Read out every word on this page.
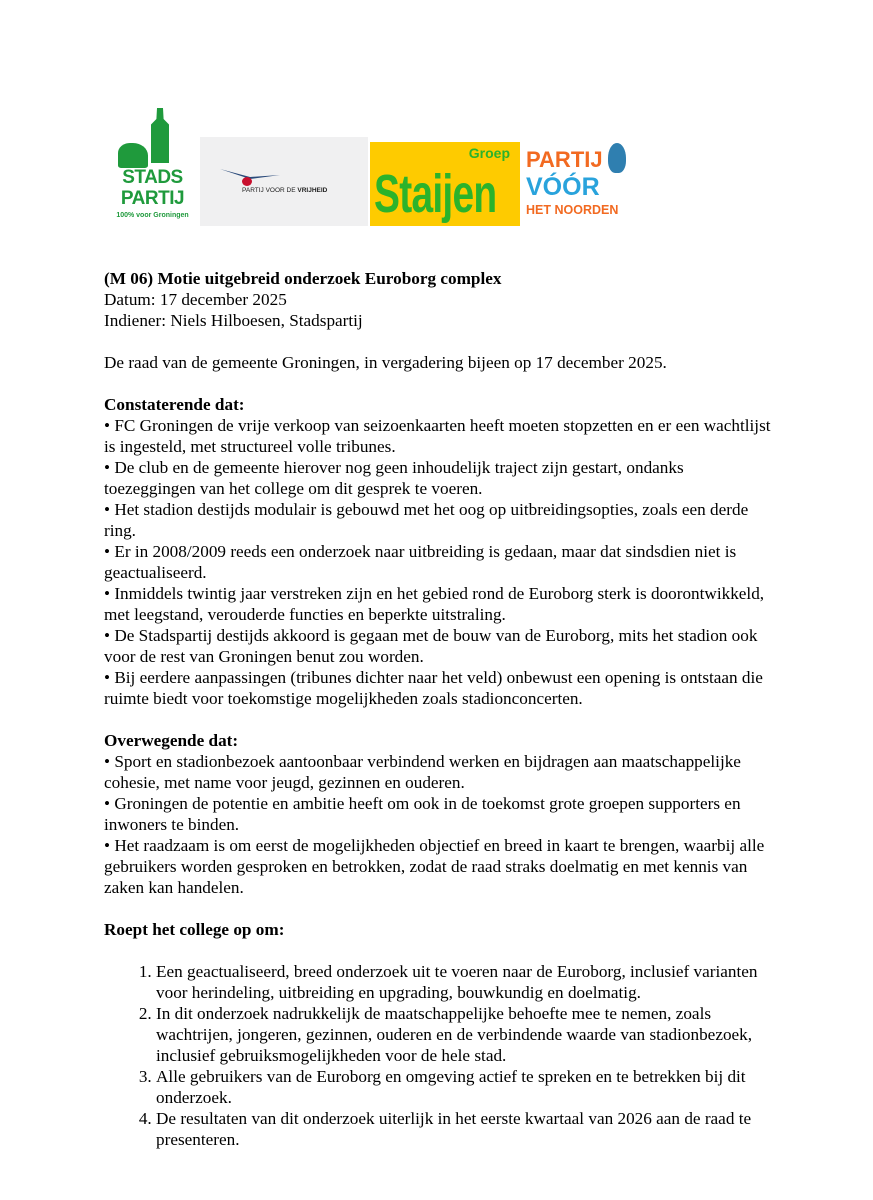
STADS
PARTIJ
100% voor Groningen
PARTIJ VOOR DE VRIJHEID
Groep
Staijen
PARTIJ
VÓÓR
HET NOORDEN

(M 06) Motie uitgebreid onderzoek Euroborg complex

Datum: 17 december 2025

Indiener: Niels Hilboesen, Stadspartij

De raad van de gemeente Groningen, in vergadering bijeen op 17 december 2025.

Constaterende dat:

• FC Groningen de vrije verkoop van seizoenkaarten heeft moeten stopzetten en er een wachtlijst is ingesteld, met structureel volle tribunes.

• De club en de gemeente hierover nog geen inhoudelijk traject zijn gestart, ondanks toezeggingen van het college om dit gesprek te voeren.

• Het stadion destijds modulair is gebouwd met het oog op uitbreidingsopties, zoals een derde ring.

• Er in 2008/2009 reeds een onderzoek naar uitbreiding is gedaan, maar dat sindsdien niet is geactualiseerd.

• Inmiddels twintig jaar verstreken zijn en het gebied rond de Euroborg sterk is doorontwikkeld, met leegstand, verouderde functies en beperkte uitstraling.

• De Stadspartij destijds akkoord is gegaan met de bouw van de Euroborg, mits het stadion ook voor de rest van Groningen benut zou worden.

• Bij eerdere aanpassingen (tribunes dichter naar het veld) onbewust een opening is ontstaan die ruimte biedt voor toekomstige mogelijkheden zoals stadionconcerten.

Overwegende dat:

• Sport en stadionbezoek aantoonbaar verbindend werken en bijdragen aan maatschappelijke cohesie, met name voor jeugd, gezinnen en ouderen.

• Groningen de potentie en ambitie heeft om ook in de toekomst grote groepen supporters en inwoners te binden.

• Het raadzaam is om eerst de mogelijkheden objectief en breed in kaart te brengen, waarbij alle gebruikers worden gesproken en betrokken, zodat de raad straks doelmatig en met kennis van zaken kan handelen.

Roept het college op om:

1. Een geactualiseerd, breed onderzoek uit te voeren naar de Euroborg, inclusief varianten voor herindeling, uitbreiding en upgrading, bouwkundig en doelmatig.
2. In dit onderzoek nadrukkelijk de maatschappelijke behoefte mee te nemen, zoals wachtrijen, jongeren, gezinnen, ouderen en de verbindende waarde van stadionbezoek, inclusief gebruiksmogelijkheden voor de hele stad.
3. Alle gebruikers van de Euroborg en omgeving actief te spreken en te betrekken bij dit onderzoek.
4. De resultaten van dit onderzoek uiterlijk in het eerste kwartaal van 2026 aan de raad te presenteren.
